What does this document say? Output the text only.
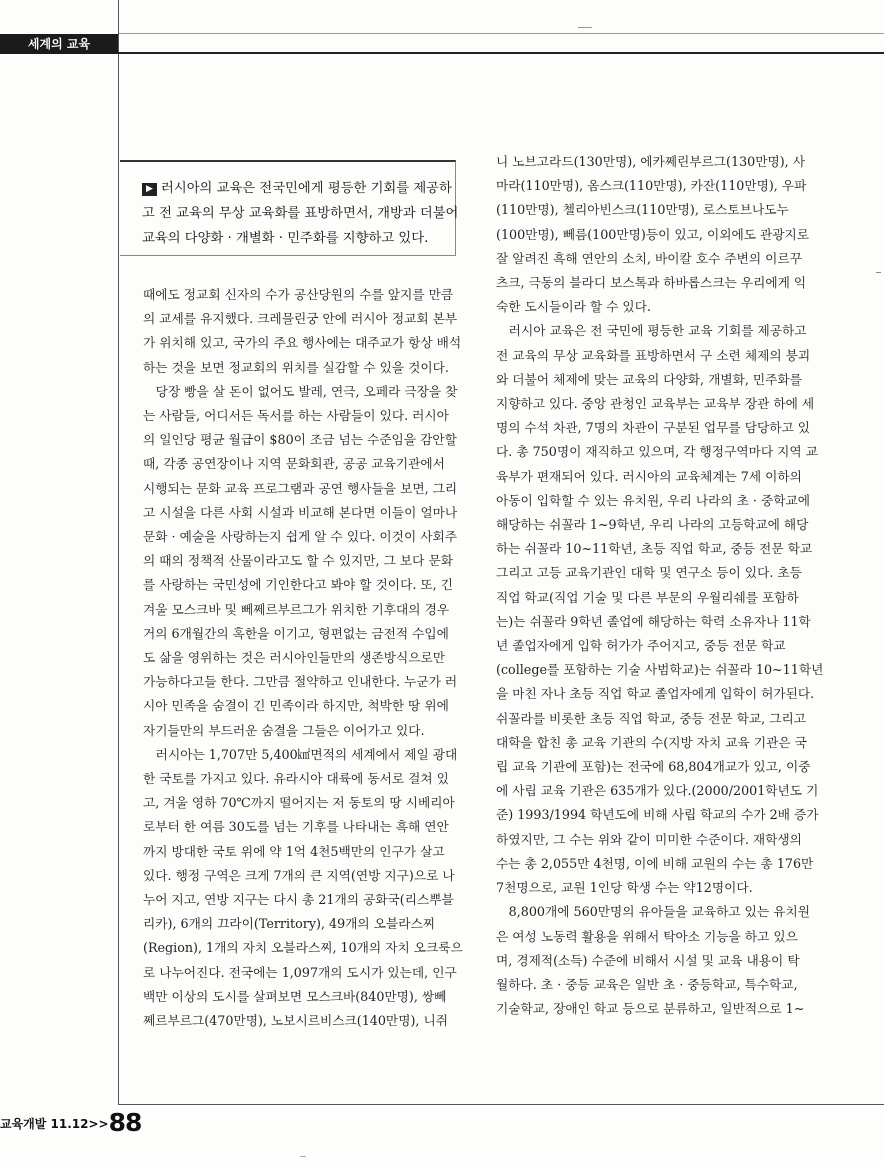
세계의 교육

▶ 러시아의 교육은 전국민에게 평등한 기회를 제공하
고 전 교육의 무상 교육화를 표방하면서, 개방과 더불어
교육의 다양화 · 개별화 · 민주화를 지향하고 있다.

때에도 정교회 신자의 수가 공산당원의 수를 앞지를 만큼
의 교세를 유지했다. 크레믈린궁 안에 러시아 정교회 본부
가 위치해 있고, 국가의 주요 행사에는 대주교가 항상 배석
하는 것을 보면 정교회의 위치를 실감할 수 있을 것이다.
　당장 빵을 살 돈이 없어도 발레, 연극, 오페라 극장을 찾
는 사람들, 어디서든 독서를 하는 사람들이 있다. 러시아
의 일인당 평균 월급이 $80이 조금 넘는 수준임을 감안할
때, 각종 공연장이나 지역 문화회관, 공공 교육기관에서
시행되는 문화 교육 프로그램과 공연 행사들을 보면, 그리
고 시설을 다른 사회 시설과 비교해 본다면 이들이 얼마나
문화 · 예술을 사랑하는지 쉽게 알 수 있다. 이것이 사회주
의 때의 정책적 산물이라고도 할 수 있지만, 그 보다 문화
를 사랑하는 국민성에 기인한다고 봐야 할 것이다. 또, 긴
겨울 모스크바 및 뻬쩨르부르그가 위치한 기후대의 경우
거의 6개월간의 혹한을 이기고, 형편없는 금전적 수입에
도 삶을 영위하는 것은 러시아인들만의 생존방식으로만
가능하다고들 한다. 그만큼 절약하고 인내한다. 누군가 러
시아 민족을 숨결이 긴 민족이라 하지만, 척박한 땅 위에
자기들만의 부드러운 숨결을 그들은 이어가고 있다.
　러시아는 1,707만 5,400㎢면적의 세계에서 제일 광대
한 국토를 가지고 있다. 유라시아 대륙에 동서로 걸쳐 있
고, 겨울 영하 70℃까지 떨어지는 저 동토의 땅 시베리아
로부터 한 여름 30도를 넘는 기후를 나타내는 흑해 연안
까지 방대한 국토 위에 약 1억 4천5백만의 인구가 살고
있다. 행정 구역은 크게 7개의 큰 지역(연방 지구)으로 나
누어 지고, 연방 지구는 다시 총 21개의 공화국(리스뿌블
리카), 6개의 끄라이(Territory), 49개의 오블라스찌
(Region), 1개의 자치 오블라스찌, 10개의 자치 오크룩으
로 나누어진다. 전국에는 1,097개의 도시가 있는데, 인구
백만 이상의 도시를 살펴보면 모스크바(840만명), 쌍뻬
쩨르부르그(470만명), 노보시르비스크(140만명), 니쥐
니 노브고라드(130만명), 에카쩨린부르그(130만명), 사
마라(110만명), 옴스크(110만명), 카잔(110만명), 우파
(110만명), 첼리아빈스크(110만명), 로스토브나도누
(100만명), 뻬름(100만명)등이 있고, 이외에도 관광지로
잘 알려진 흑해 연안의 소치, 바이칼 호수 주변의 이르꾸
츠크, 극동의 블라디 보스톡과 하바롭스크는 우리에게 익
숙한 도시들이라 할 수 있다.
　러시아 교육은 전 국민에 평등한 교육 기회를 제공하고
전 교육의 무상 교육화를 표방하면서 구 소련 체제의 붕괴
와 더불어 체제에 맞는 교육의 다양화, 개별화, 민주화를
지향하고 있다. 중앙 관청인 교육부는 교육부 장관 하에 세
명의 수석 차관, 7명의 차관이 구분된 업무를 담당하고 있
다. 총 750명이 재직하고 있으며, 각 행정구역마다 지역 교
육부가 편재되어 있다. 러시아의 교육체계는 7세 이하의
아동이 입학할 수 있는 유치원, 우리 나라의 초 · 중학교에
해당하는 쉬꼴라 1~9학년, 우리 나라의 고등학교에 해당
하는 쉬꼴라 10~11학년, 초등 직업 학교, 중등 전문 학교
그리고 고등 교육기관인 대학 및 연구소 등이 있다. 초등
직업 학교(직업 기술 및 다른 부문의 우월리쉐를 포함하
는)는 쉬꼴라 9학년 졸업에 해당하는 학력 소유자나 11학
년 졸업자에게 입학 허가가 주어지고, 중등 전문 학교
(college를 포함하는 기술 사범학교)는 쉬꼴라 10~11학년
을 마친 자나 초등 직업 학교 졸업자에게 입학이 허가된다.
쉬꼴라를 비롯한 초등 직업 학교, 중등 전문 학교, 그리고
대학을 합친 총 교육 기관의 수(지방 자치 교육 기관은 국
립 교육 기관에 포함)는 전국에 68,804개교가 있고, 이중
에 사립 교육 기관은 635개가 있다.(2000/2001학년도 기
준) 1993/1994 학년도에 비해 사립 학교의 수가 2배 증가
하였지만, 그 수는 위와 같이 미미한 수준이다. 재학생의
수는 총 2,055만 4천명, 이에 비해 교원의 수는 총 176만
7천명으로, 교원 1인당 학생 수는 약12명이다.
　8,800개에 560만명의 유아들을 교육하고 있는 유치원
은 여성 노동력 활용을 위해서 탁아소 기능을 하고 있으
며, 경제적(소득) 수준에 비해서 시설 및 교육 내용이 탁
월하다. 초 · 중등 교육은 일반 초 · 중등학교, 특수학교,
기술학교, 장애인 학교 등으로 분류하고, 일반적으로 1~
교육개발 11.12>>88
